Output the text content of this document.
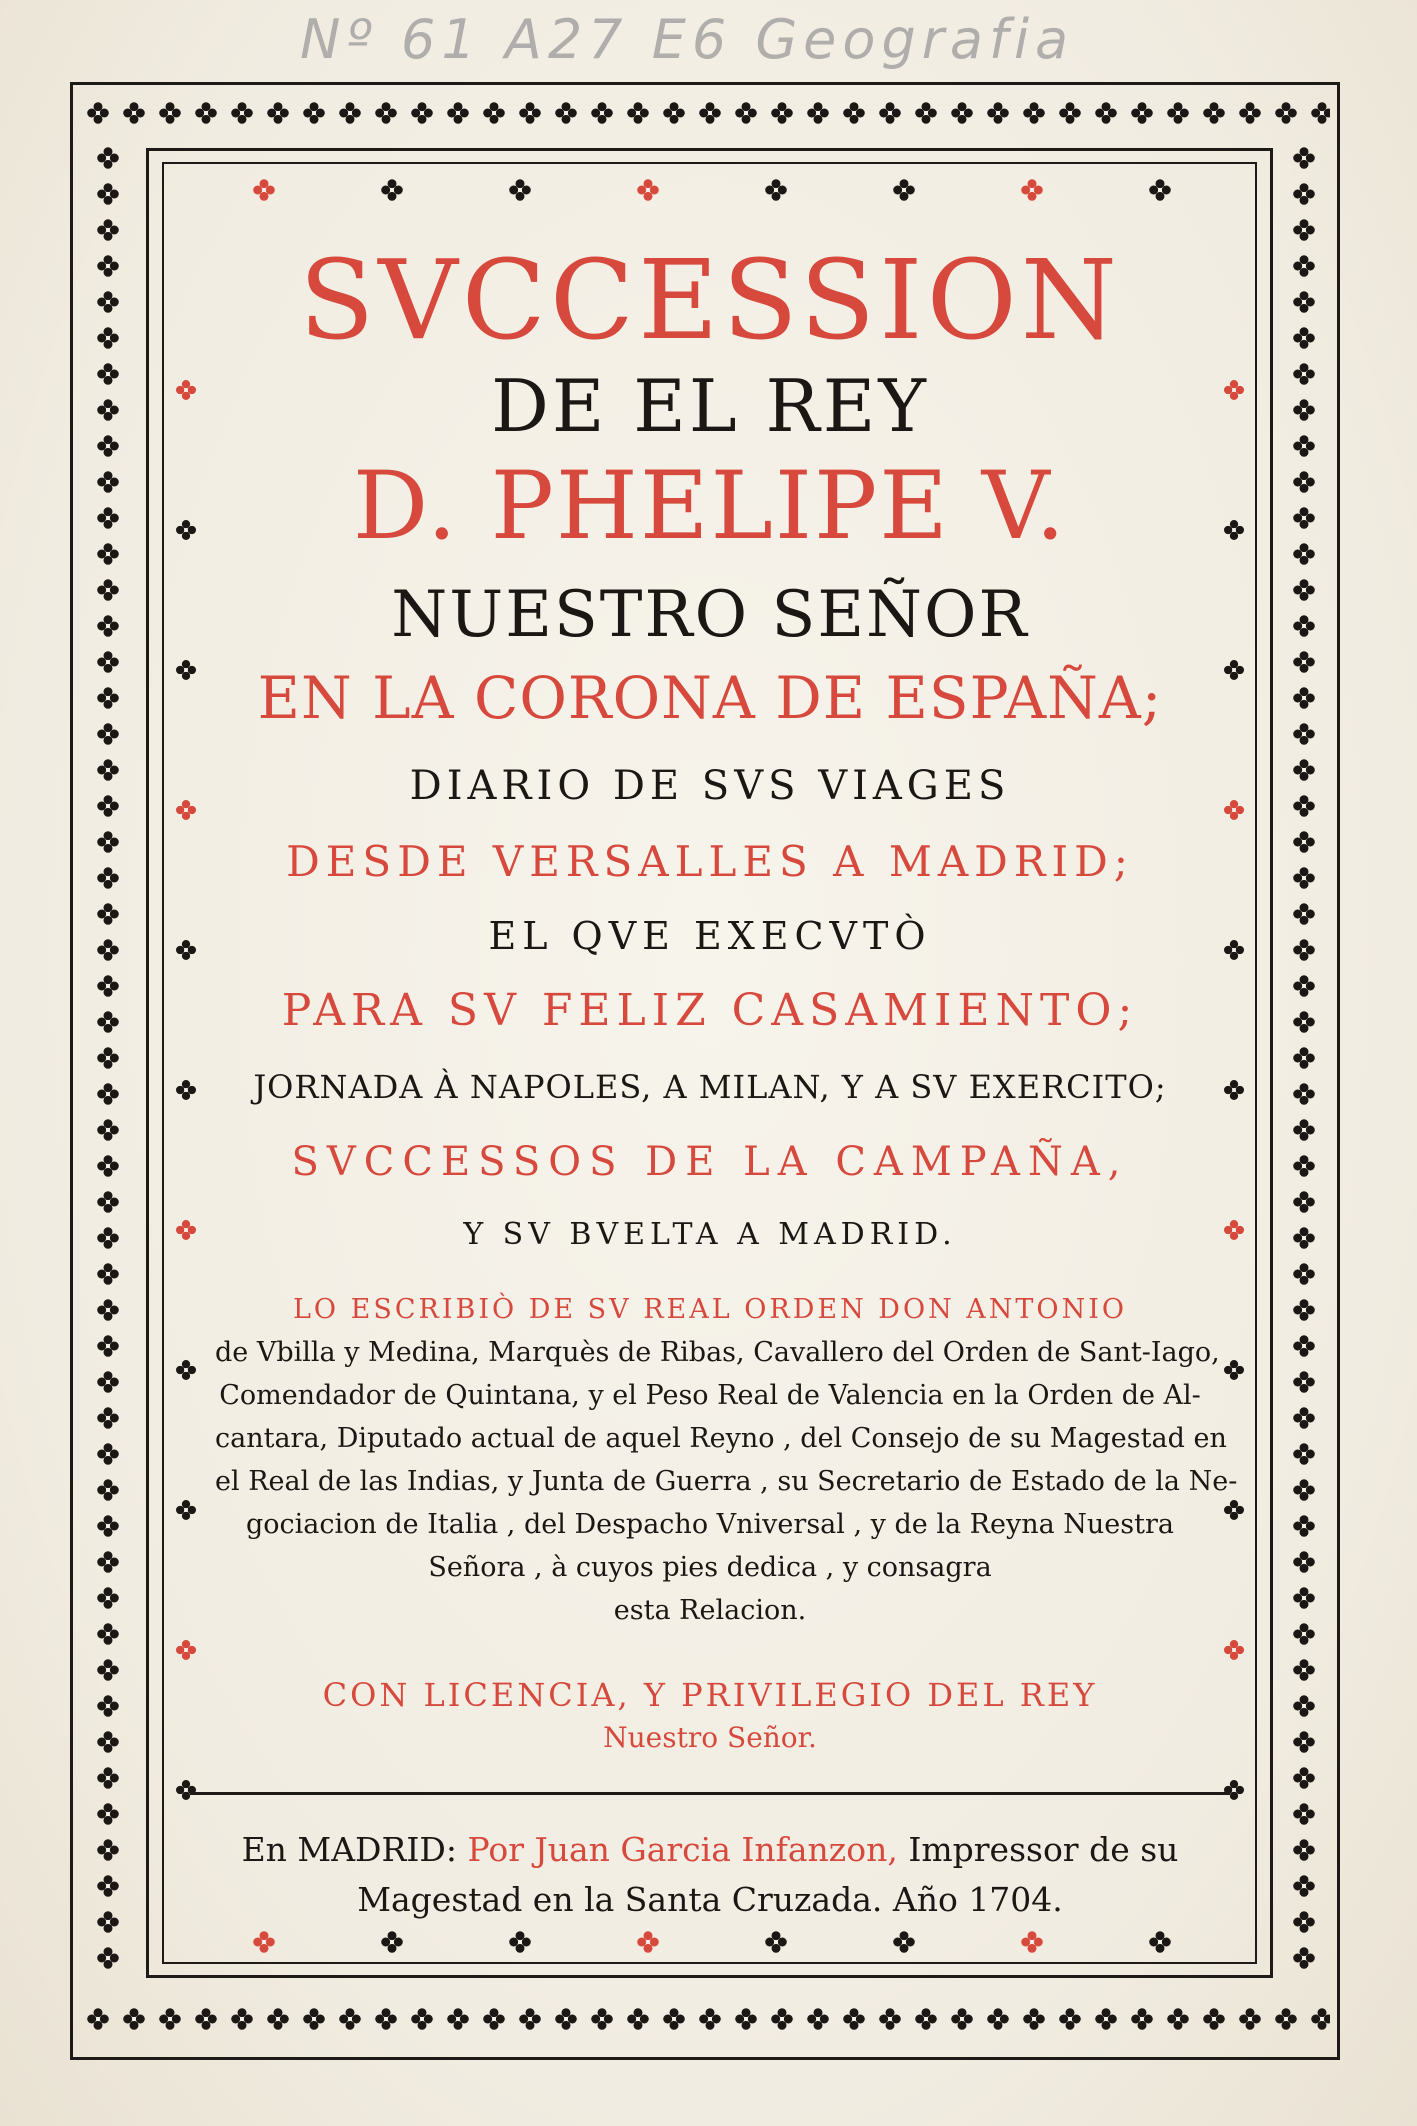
Nº 61 A27 E6 Geografia
SVCCESSION
DE EL REY
D. PHELIPE V.
NUESTRO SEÑOR
EN LA CORONA DE ESPAÑA;
DIARIO DE SVS VIAGES
DESDE VERSALLES A MADRID;
EL QVE EXECVTÒ
PARA SV FELIZ CASAMIENTO;
JORNADA À NAPOLES, A MILAN, Y A SV EXERCITO;
SVCCESSOS DE LA CAMPAÑA,
Y SV BVELTA A MADRID.
LO ESCRIBIÒ DE SV REAL ORDEN DON ANTONIO
de Vbilla y Medina, Marquès de Ribas, Cavallero del Orden de Sant-Iago,
Comendador de Quintana, y el Peso Real de Valencia en la Orden de Al-
cantara, Diputado actual de aquel Reyno , del Consejo de su Magestad en
el Real de las Indias, y Junta de Guerra , su Secretario de Estado de la Ne-
gociacion de Italia , del Despacho Vniversal , y de la Reyna Nuestra
Señora , à cuyos pies dedica , y consagra
esta Relacion.
CON LICENCIA, Y PRIVILEGIO DEL REY
Nuestro Señor.
En MADRID: Por Juan Garcia Infanzon, Impressor de su
Magestad en la Santa Cruzada. Año 1704.
